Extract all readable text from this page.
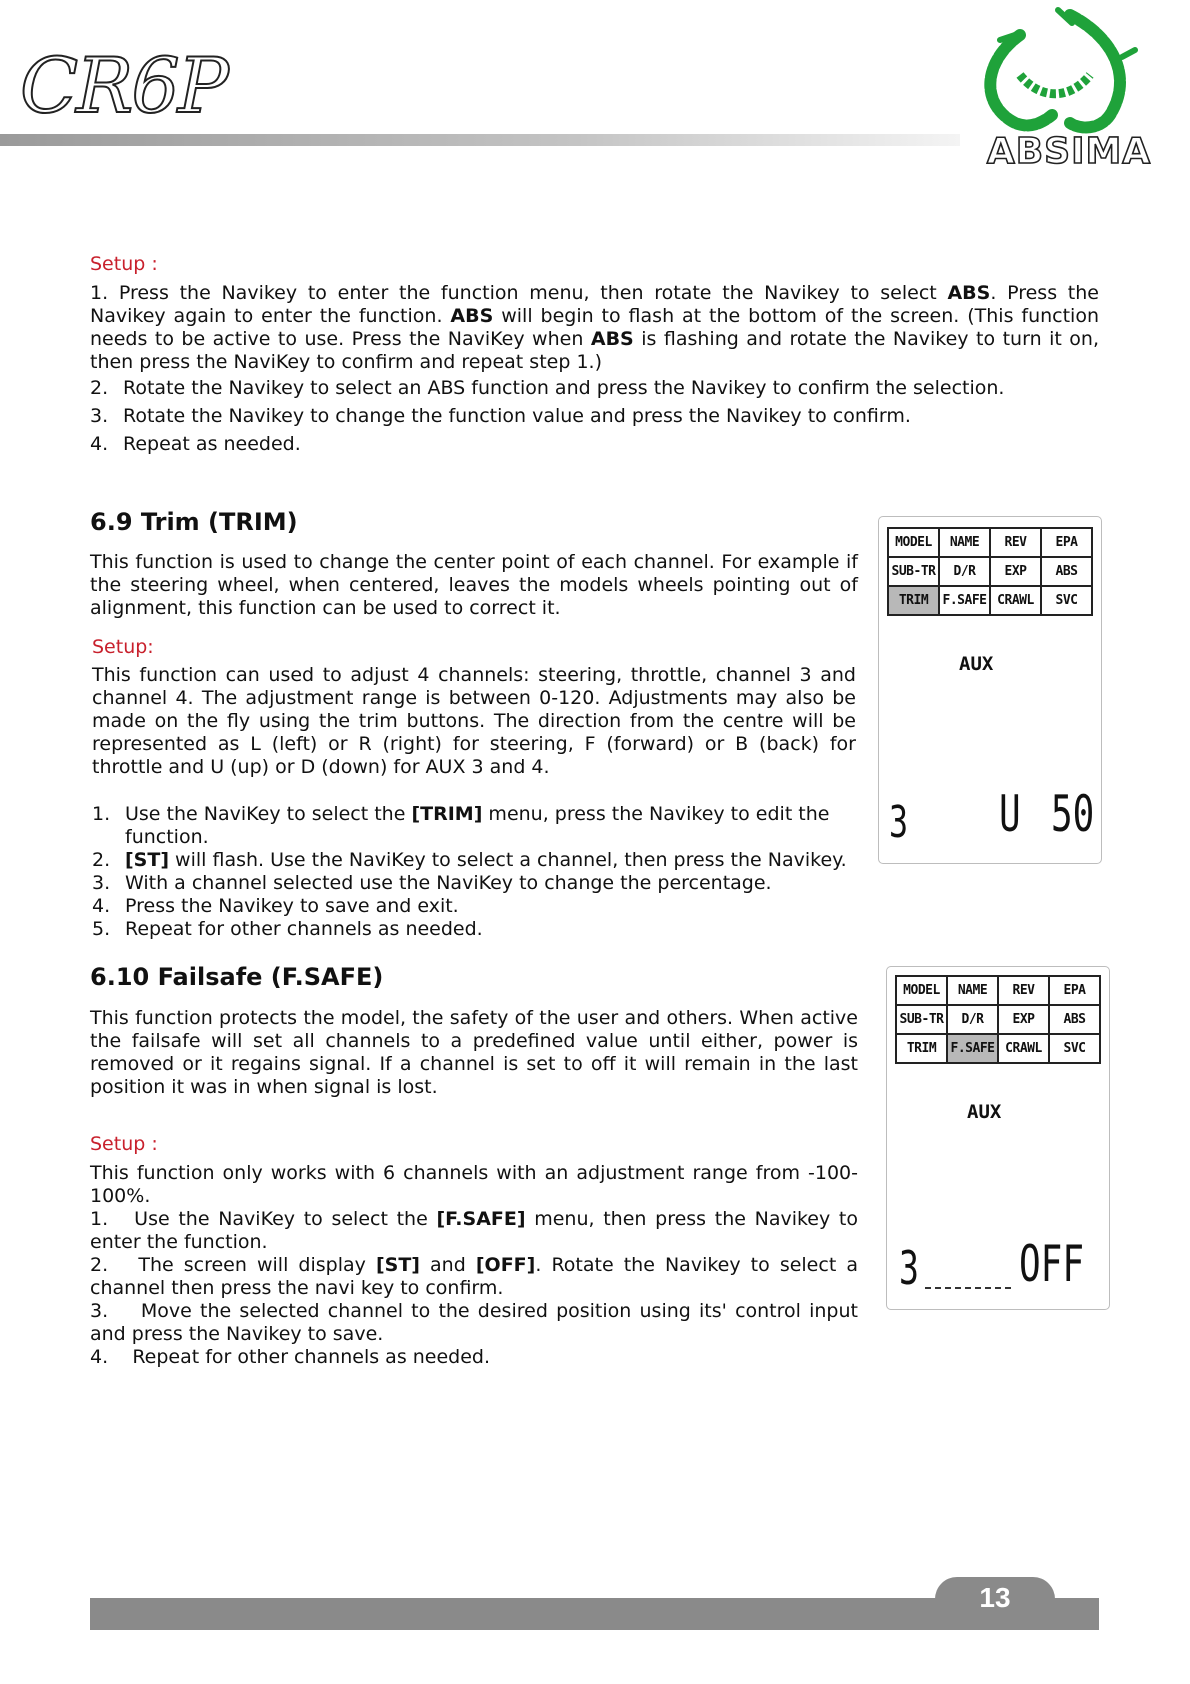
CR6P
ABSIMA
Setup :

1. Press the Navikey to enter the function menu, then rotate the Navikey to select ABS. Press the Navikey again to enter the function. ABS will begin to flash at the bottom of the screen. (This function needs to be active to use. Press the NaviKey when ABS is flashing and rotate the Navikey to turn it on, then press the NaviKey to confirm and repeat step 1.)

2. Rotate the Navikey to select an ABS function and press the Navikey to confirm the selection.
3. Rotate the Navikey to change the function value and press the Navikey to confirm.
4. Repeat as needed.
6.9 Trim (TRIM)

This function is used to change the center point of each channel. For example if the steering wheel, when centered, leaves the models wheels pointing out of alignment, this function can be used to correct it.

Setup:

This function can used to adjust 4 channels: steering, throttle, channel 3 and channel 4. The adjustment range is between 0-120. Adjustments may also be made on the fly using the trim buttons. The direction from the centre will be represented as L (left) or R (right) for steering, F (forward) or B (back) for throttle and U (up) or D (down) for AUX 3 and 4.

1. Use the NaviKey to select the [TRIM] menu, press the Navikey to edit the function.
2. [ST] will flash. Use the NaviKey to select a channel, then press the Navikey.
3. With a channel selected use the NaviKey to change the percentage.
4. Press the Navikey to save and exit.
5. Repeat for other channels as needed.
MODEL	NAME	REV	EPA
SUB-TR	D/R	EXP	ABS
TRIM	F.SAFE	CRAWL	SVC
AUX
3 U 50
6.10 Failsafe (F.SAFE)

This function protects the model, the safety of the user and others. When active the failsafe will set all channels to a predefined value until either, power is removed or it regains signal. If a channel is set to off it will remain in the last position it was in when signal is lost.

Setup :

This function only works with 6 channels with an adjustment range from -100-100%.

1. Use the NaviKey to select the [F.SAFE] menu, then press the Navikey to enter the function.

2. The screen will display [ST] and [OFF]. Rotate the Navikey to select a channel then press the navi key to confirm.

3. Move the selected channel to the desired position using its' control input and press the Navikey to save.

4. Repeat for other channels as needed.

MODEL	NAME	REV	EPA
SUB-TR	D/R	EXP	ABS
TRIM	F.SAFE	CRAWL	SVC
AUX
3 OFF
13
